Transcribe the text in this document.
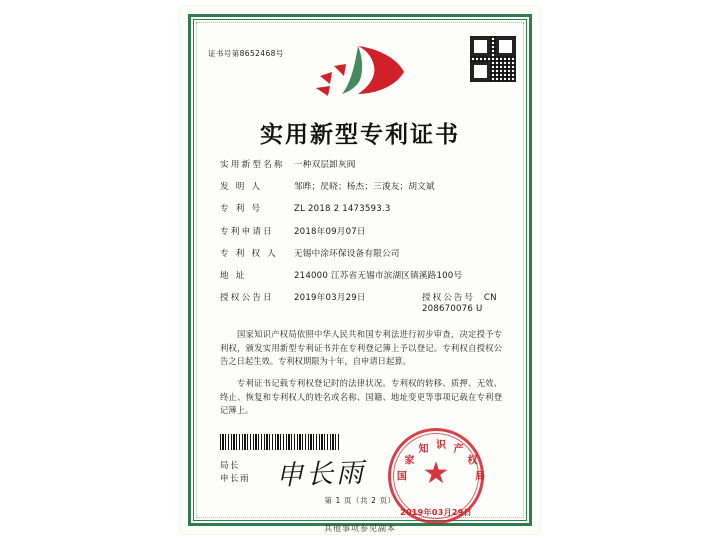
证书号第8652468号
实用新型专利证书
实用新型名称	一种双层卸灰阀
发 明 人	邹晔；昃晓；杨杰；三浚友；胡文斌
专 利 号	ZL 2018 2 1473593.3
专利申请日	2018年09月07日
专 利 权 人	无锡中涂环保设备有限公司
地 址	214000 江苏省无锡市滨湖区镇溪路100号
授权公告日	2019年03月29日	授权公告号 CN 208670076 U

国家知识产权局依照中华人民共和国专利法进行初步审查，决定授予专利权，颁发实用新型专利证书并在专利登记簿上予以登记。专利权自授权公告之日起生效。专利权期限为十年，自申请日起算。

专利证书记载专利权登记时的法律状况。专利权的转移、质押、无效、终止、恢复和专利权人的姓名或名称、国籍、地址变更等事项记载在专利登记簿上。

局长
申长雨 申长雨	国
家
知 识 产
权
局
★
2019年03月29日
第 1 页（共 2 页）
其他事项参见副本
